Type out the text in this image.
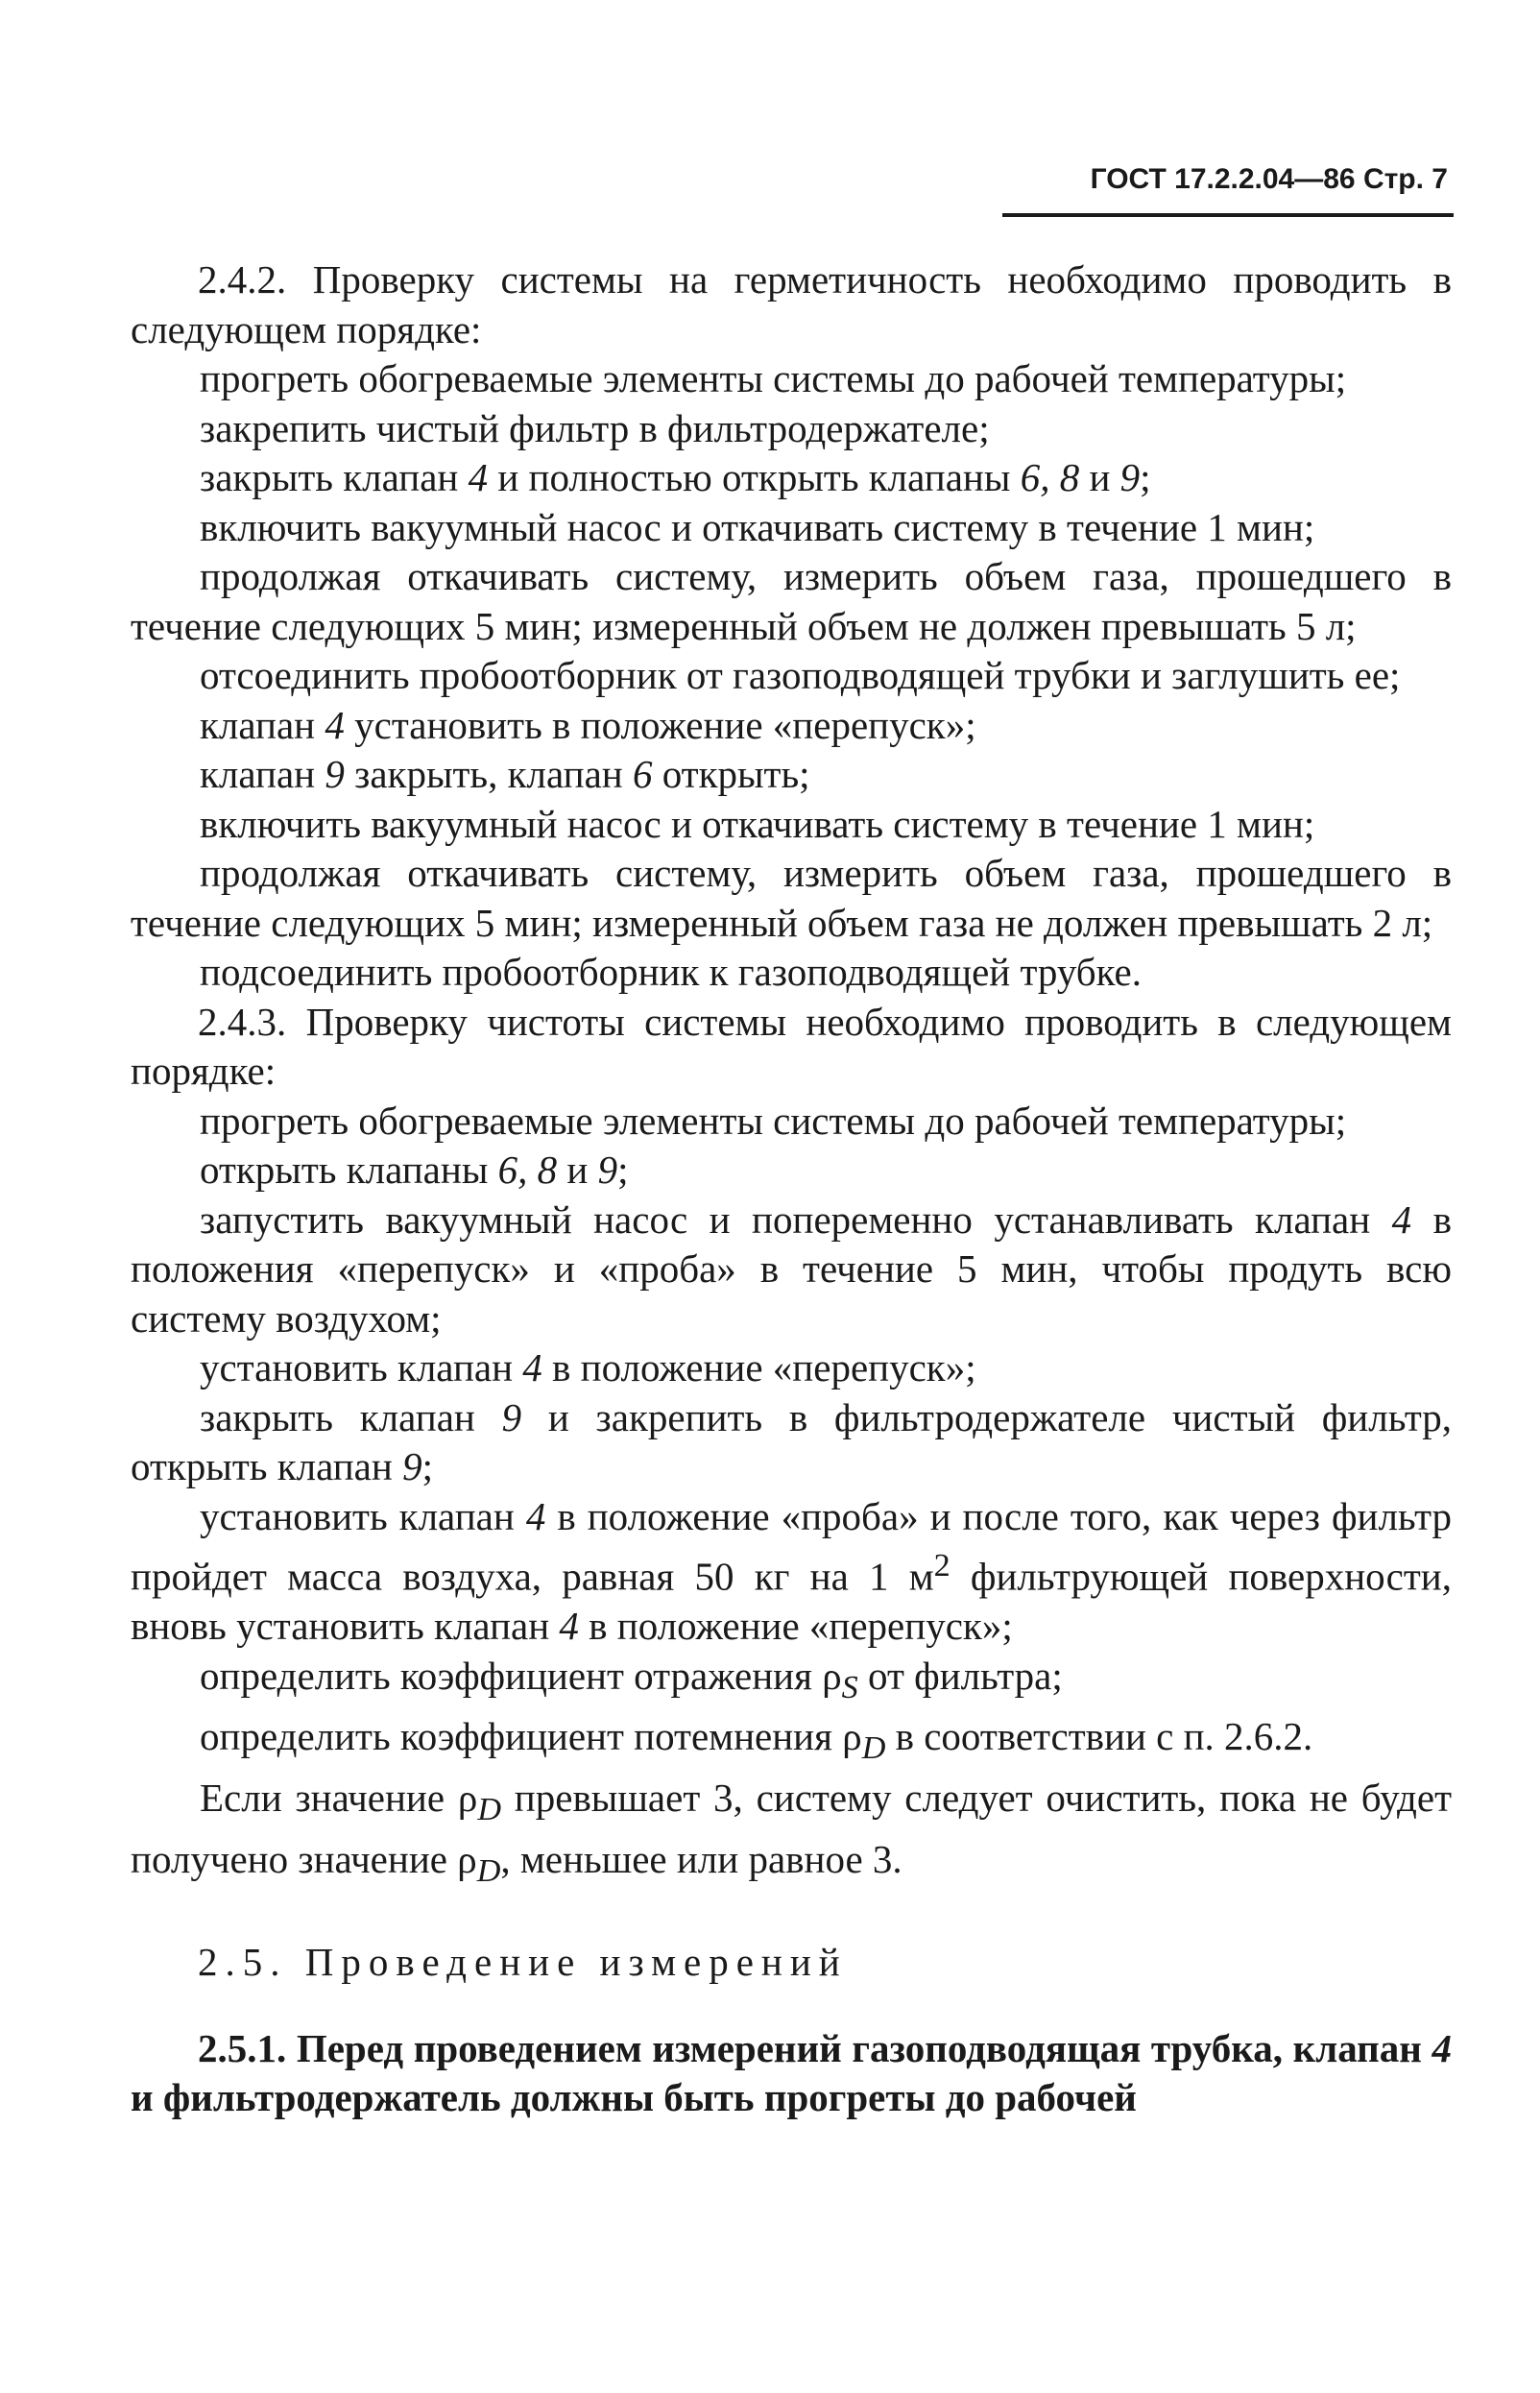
ГОСТ 17.2.2.04—86 Стр. 7

2.4.2. Проверку системы на герметичность необходимо проводить в следующем порядке:

прогреть обогреваемые элементы системы до рабочей температуры;

закрепить чистый фильтр в фильтродержателе;

закрыть клапан 4 и полностью открыть клапаны 6, 8 и 9;

включить вакуумный насос и откачивать систему в течение 1 мин;

продолжая откачивать систему, измерить объем газа, прошедшего в течение следующих 5 мин; измеренный объем не должен превышать 5 л;

отсоединить пробоотборник от газоподводящей трубки и заглушить ее;

клапан 4 установить в положение «перепуск»;

клапан 9 закрыть, клапан 6 открыть;

включить вакуумный насос и откачивать систему в течение 1 мин;

продолжая откачивать систему, измерить объем газа, прошедшего в течение следующих 5 мин; измеренный объем газа не должен превышать 2 л;

подсоединить пробоотборник к газоподводящей трубке.

2.4.3. Проверку чистоты системы необходимо проводить в следующем порядке:

прогреть обогреваемые элементы системы до рабочей температуры;

открыть клапаны 6, 8 и 9;

запустить вакуумный насос и попеременно устанавливать клапан 4 в положения «перепуск» и «проба» в течение 5 мин, чтобы продуть всю систему воздухом;

установить клапан 4 в положение «перепуск»;

закрыть клапан 9 и закрепить в фильтродержателе чистый фильтр, открыть клапан 9;

установить клапан 4 в положение «проба» и после того, как через фильтр пройдет масса воздуха, равная 50 кг на 1 $м^2$ фильтрующей поверхности, вновь установить клапан 4 в положение «перепуск»;

определить коэффициент отражения $\rho_S$ от фильтра;

определить коэффициент потемнения $\rho_D$ в соответствии с п. 2.6.2.

Если значение $\rho_D$ превышает 3, систему следует очистить, пока не будет получено значение $\rho_D$, меньшее или равное 3.

2.5. Проведение измерений

2.5.1. Перед проведением измерений газоподводящая трубка, клапан 4 и фильтродержатель должны быть прогреты до рабочей
